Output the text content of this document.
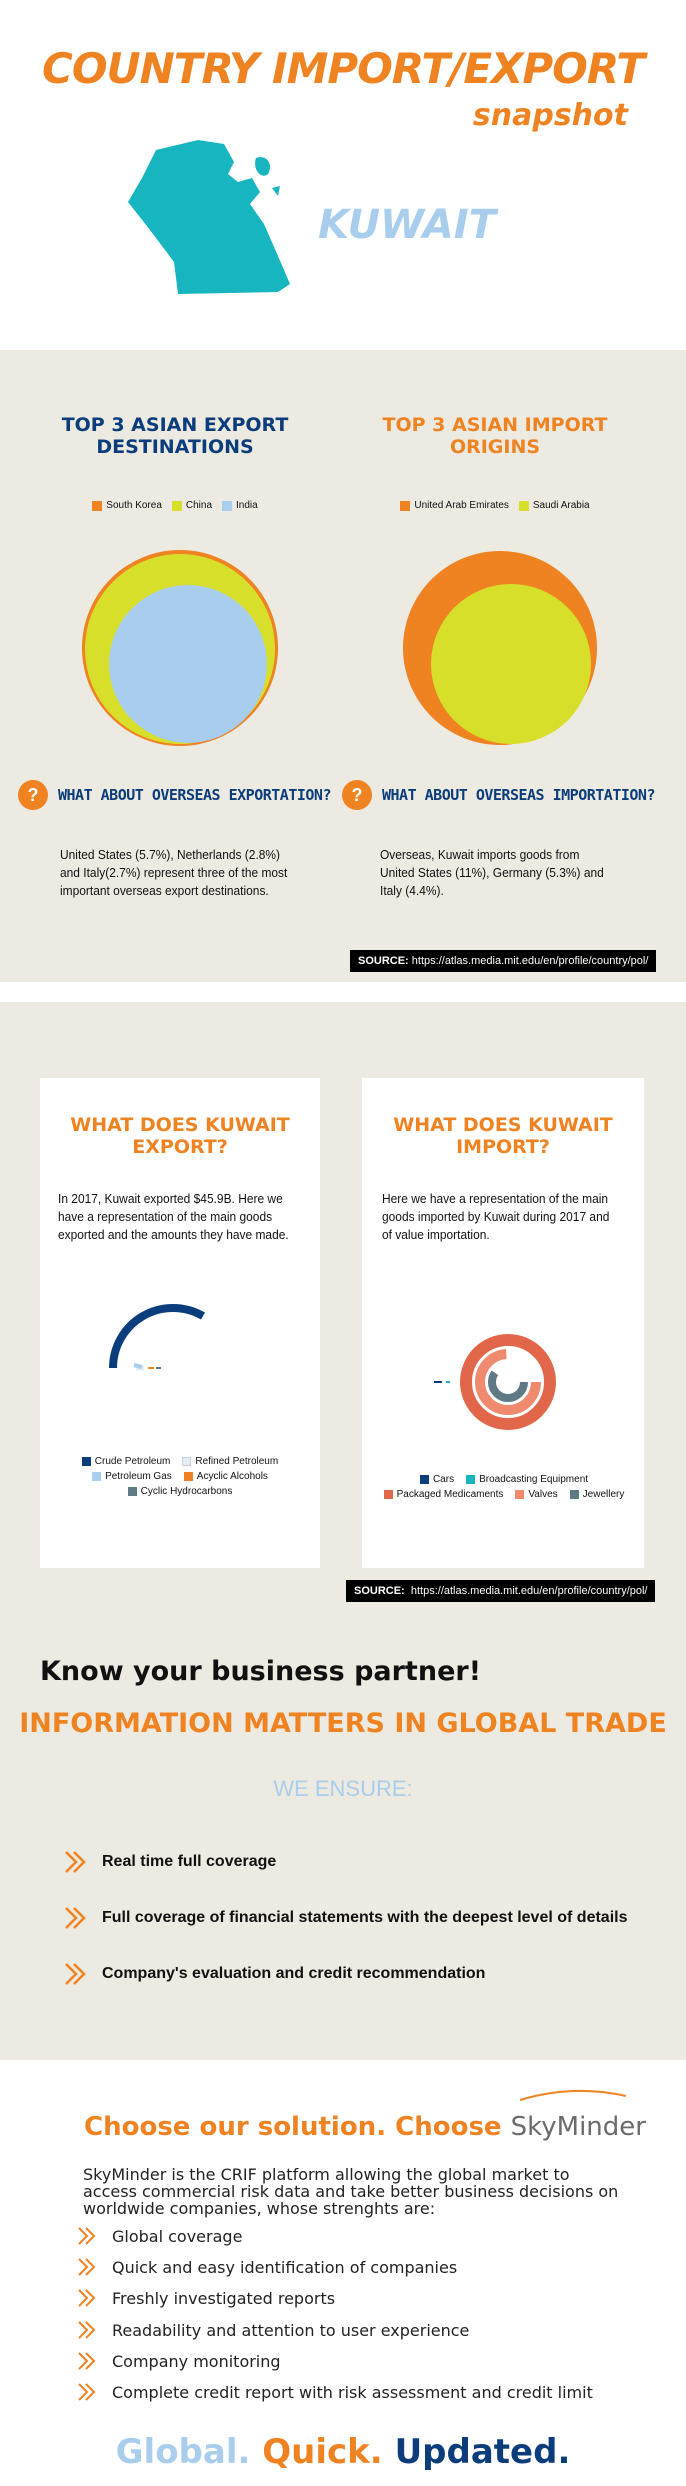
COUNTRY IMPORT/EXPORT
snapshot
KUWAIT
TOP 3 ASIAN EXPORT DESTINATIONS
TOP 3 ASIAN IMPORT ORIGINS
South Korea China India	United Arab Emirates Saudi Arabia
?	WHAT ABOUT OVERSEAS EXPORTATION?	?	WHAT ABOUT OVERSEAS IMPORTATION?
United States (5.7%), Netherlands (2.8%) and Italy(2.7%) represent three of the most important overseas export destinations.
Overseas, Kuwait imports goods from United States (11%), Germany (5.3%) and Italy (4.4%).
SOURCE: https://atlas.media.mit.edu/en/profile/country/pol/
WHAT DOES KUWAIT EXPORT?
WHAT DOES KUWAIT IMPORT?
In 2017, Kuwait exported $45.9B. Here we have a representation of the main goods exported and the amounts they have made.
Here we have a representation of the main goods imported by Kuwait during 2017 and of value importation.
Crude Petroleum	Refined Petroleum
Petroleum Gas	Acyclic Alcohols
Cyclic Hydrocarbons
Cars	Broadcasting Equipment
Packaged Medicaments	Valves	Jewellery
SOURCE: https://atlas.media.mit.edu/en/profile/country/pol/
Know your business partner!
INFORMATION MATTERS IN GLOBAL TRADE
WE ENSURE:
Real time full coverage
Full coverage of financial statements with the deepest level of details
Company's evaluation and credit recommendation
Choose our solution. Choose SkyMinder
SkyMinder is the CRIF platform allowing the global market to access commercial risk data and take better business decisions on worldwide companies, whose strenghts are:
Global coverage
Quick and easy identification of companies
Freshly investigated reports
Readability and attention to user experience
Company monitoring
Complete credit report with risk assessment and credit limit
Global. Quick. Updated.
